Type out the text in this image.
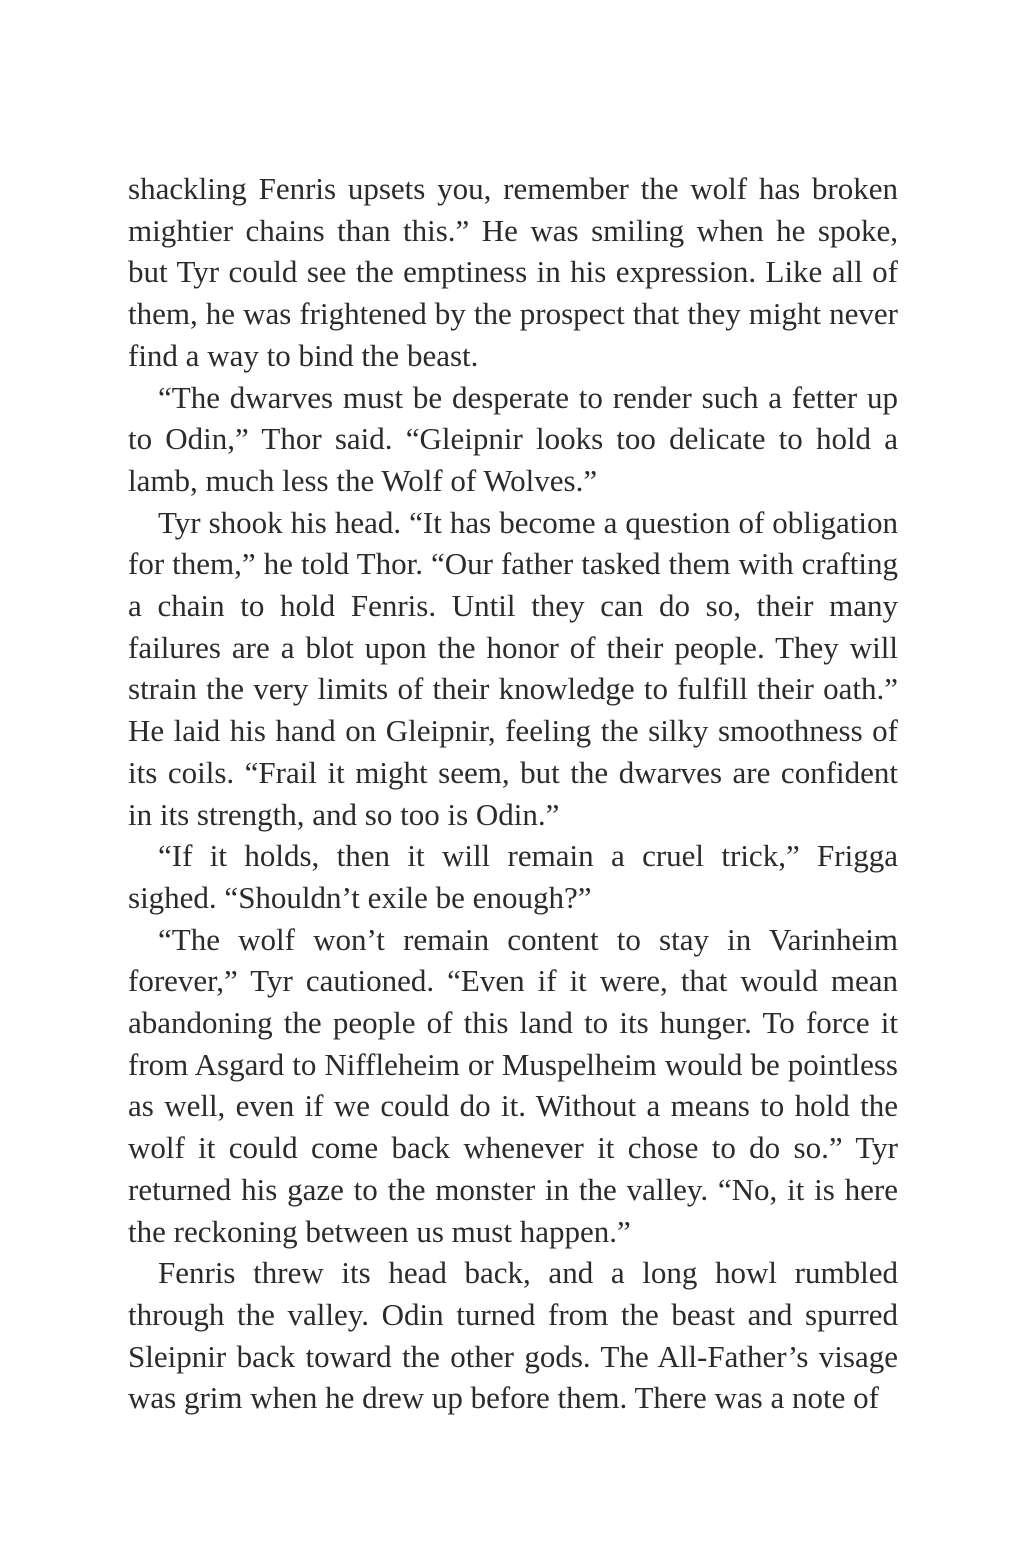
shackling Fenris upsets you, remember the wolf has broken mightier chains than this.” He was smiling when he spoke, but Tyr could see the emptiness in his expression. Like all of them, he was frightened by the prospect that they might never find a way to bind the beast.

“The dwarves must be desperate to render such a fetter up to Odin,” Thor said. “Gleipnir looks too delicate to hold a lamb, much less the Wolf of Wolves.”

Tyr shook his head. “It has become a question of obligation for them,” he told Thor. “Our father tasked them with crafting a chain to hold Fenris. Until they can do so, their many failures are a blot upon the honor of their people. They will strain the very limits of their knowledge to fulfill their oath.” He laid his hand on Gleipnir, feeling the silky smoothness of its coils. “Frail it might seem, but the dwarves are confident in its strength, and so too is Odin.”

“If it holds, then it will remain a cruel trick,” Frigga sighed. “Shouldn’t exile be enough?”

“The wolf won’t remain content to stay in Varinheim forever,” Tyr cautioned. “Even if it were, that would mean abandoning the people of this land to its hunger. To force it from Asgard to Niffleheim or Muspelheim would be pointless as well, even if we could do it. Without a means to hold the wolf it could come back whenever it chose to do so.” Tyr returned his gaze to the monster in the valley. “No, it is here the reckoning between us must happen.”

Fenris threw its head back, and a long howl rumbled through the valley. Odin turned from the beast and spurred Sleipnir back toward the other gods. The All-Father’s visage was grim when he drew up before them. There was a note of
